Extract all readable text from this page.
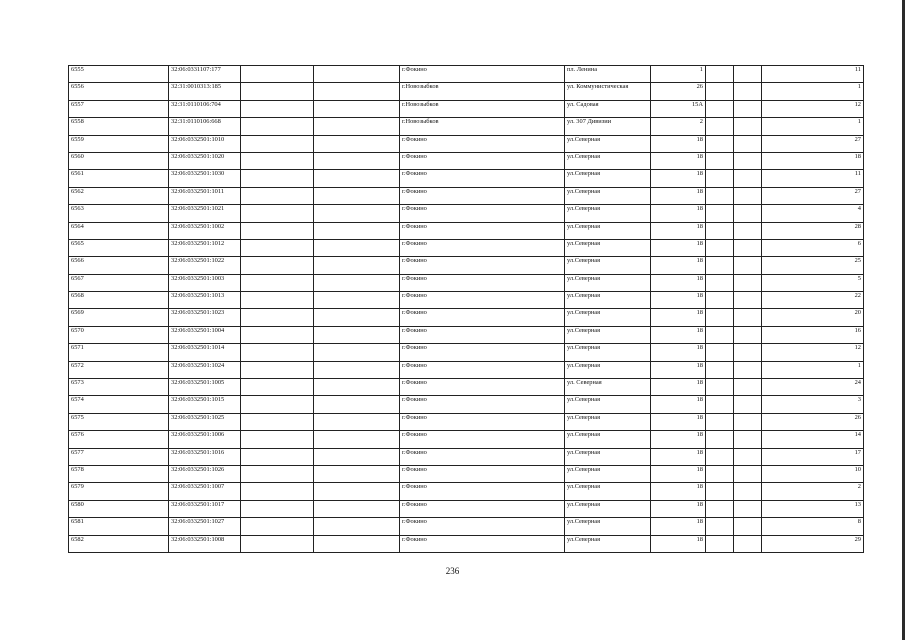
6555	32:06:0331107:177			г.Фокино	пл. Ленина	1			11
6556	32:31:0010313:185			г.Новозыбков	ул. Коммунистическая	26			1
6557	32:31:0110106:704			г.Новозыбков	ул. Садовая	15А			12
6558	32:31:0110106:668			г.Новозыбков	ул. 307 Дивизии	2			1
6559	32:06:0332501:1010			г.Фокино	ул.Северная	18			27
6560	32:06:0332501:1020			г.Фокино	ул.Северная	18			18
6561	32:06:0332501:1030			г.Фокино	ул.Северная	18			11
6562	32:06:0332501:1011			г.Фокино	ул.Северная	18			27
6563	32:06:0332501:1021			г.Фокино	ул.Северная	18			4
6564	32:06:0332501:1002			г.Фокино	ул.Северная	18			28
6565	32:06:0332501:1012			г.Фокино	ул.Северная	18			6
6566	32:06:0332501:1022			г.Фокино	ул.Северная	18			25
6567	32:06:0332501:1003			г.Фокино	ул.Северная	18			5
6568	32:06:0332501:1013			г.Фокино	ул.Северная	18			22
6569	32:06:0332501:1023			г.Фокино	ул.Северная	18			20
6570	32:06:0332501:1004			г.Фокино	ул.Северная	18			16
6571	32:06:0332501:1014			г.Фокино	ул.Северная	18			12
6572	32:06:0332501:1024			г.Фокино	ул.Северная	18			1
6573	32:06:0332501:1005			г.Фокино	ул. Северная	18			24
6574	32:06:0332501:1015			г.Фокино	ул.Северная	18			3
6575	32:06:0332501:1025			г.Фокино	ул.Северная	18			26
6576	32:06:0332501:1006			г.Фокино	ул.Северная	18			14
6577	32:06:0332501:1016			г.Фокино	ул.Северная	18			17
6578	32:06:0332501:1026			г.Фокино	ул.Северная	18			10
6579	32:06:0332501:1007			г.Фокино	ул.Северная	18			2
6580	32:06:0332501:1017			г.Фокино	ул.Северная	18			13
6581	32:06:0332501:1027			г.Фокино	ул.Северная	18			8
6582	32:06:0332501:1008			г.Фокино	ул.Северная	18			29
236
